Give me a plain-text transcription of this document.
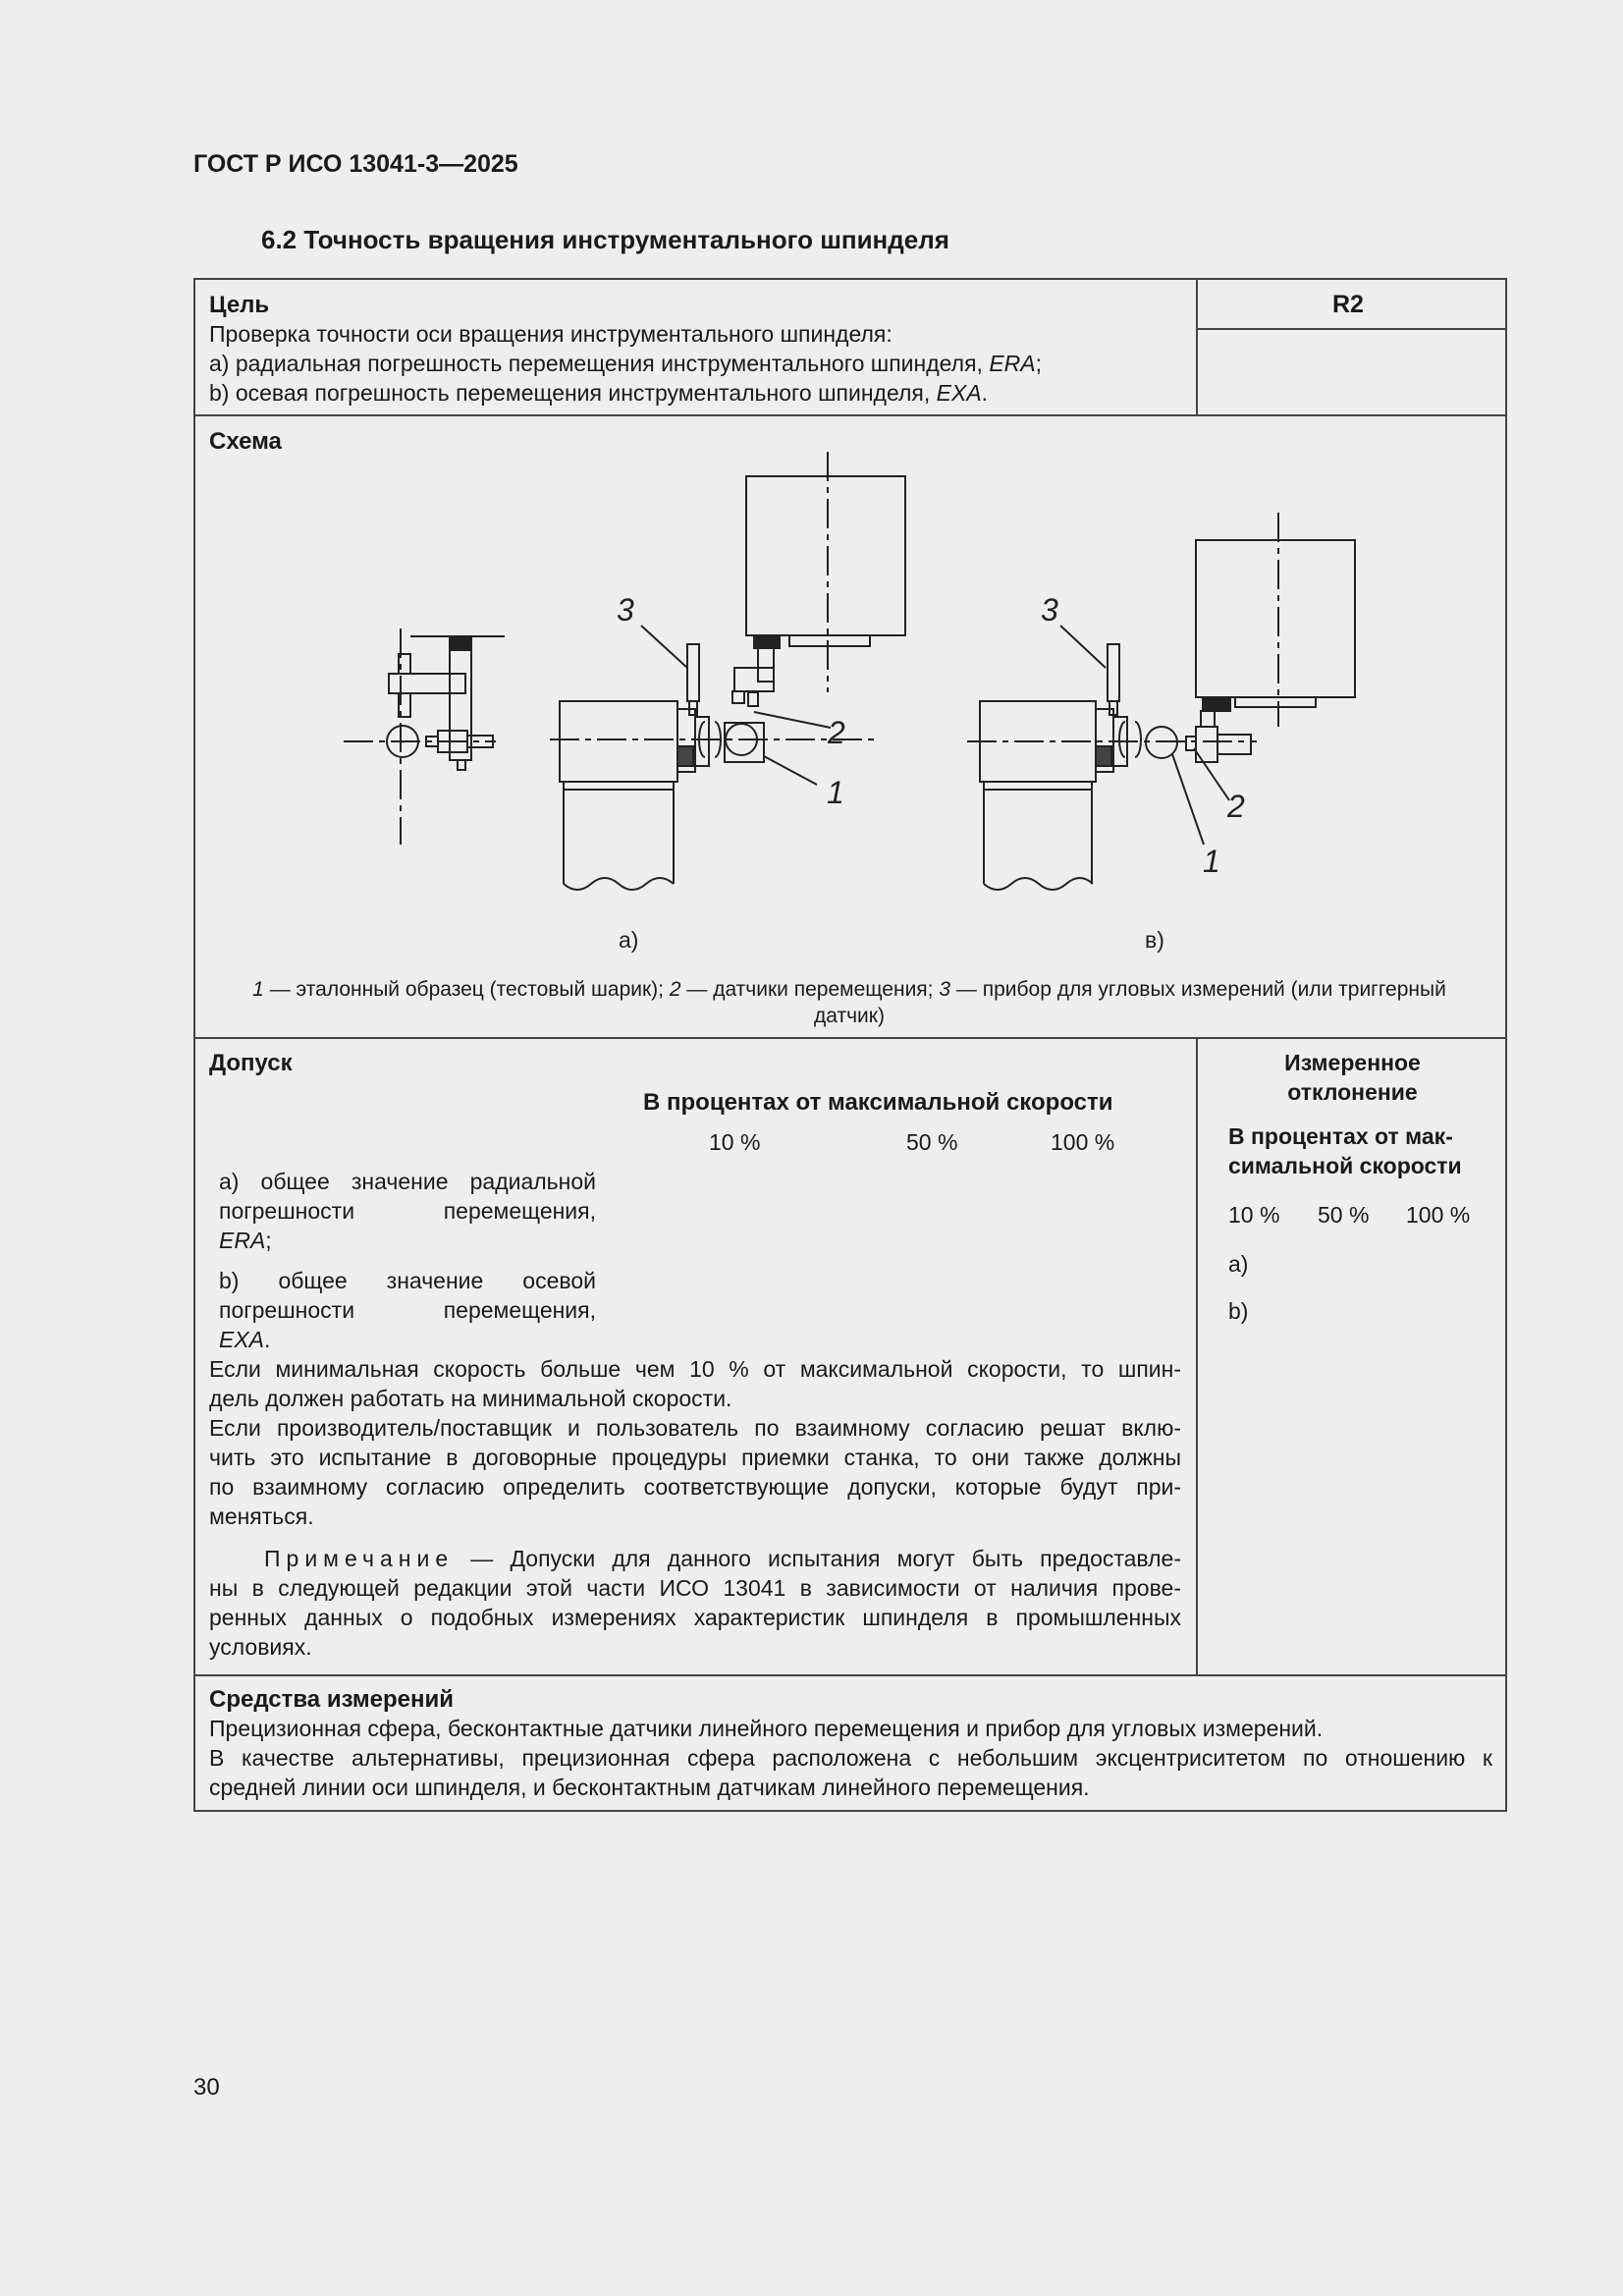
ГОСТ Р ИСО 13041-3—2025
6.2 Точность вращения инструментального шпинделя
Цель	R2
Проверка точности оси вращения инструментального шпинделя:
a) радиальная погрешность перемещения инструментального шпинделя, ERA;
b) осевая погрешность перемещения инструментального шпинделя, EXA.
Схема
3
2
1
3
2
1
а)	в)
1 — эталонный образец (тестовый шарик); 2 — датчики перемещения; 3 — прибор для угловых измерений (или триггерный
датчик)
Допуск
В процентах от максимальной скорости
10 %	50 %	100 %
а) общее значение радиальной
погрешности перемещения,
ERA;
b) общее значение осевой
погрешности перемещения,
EXA.
Если минимальная скорость больше чем 10 % от максимальной скорости, то шпин-
дель должен работать на минимальной скорости.
Если производитель/поставщик и пользователь по взаимному согласию решат вклю-
чить это испытание в договорные процедуры приемки станка, то они также должны
по взаимному согласию определить соответствующие допуски, которые будут при-
меняться.
Примечание — Допуски для данного испытания могут быть предоставле-
ны в следующей редакции этой части ИСО 13041 в зависимости от наличия прове-
ренных данных о подобных измерениях характеристик шпинделя в промышленных
условиях.
Измеренное
отклонение
В процентах от мак-
симальной скорости
10 % 50 % 100 %
а)
b)
Средства измерений
Прецизионная сфера, бесконтактные датчики линейного перемещения и прибор для угловых измерений.
В качестве альтернативы, прецизионная сфера расположена с небольшим эксцентриситетом по отношению к
средней линии оси шпинделя, и бесконтактным датчикам линейного перемещения.
30
